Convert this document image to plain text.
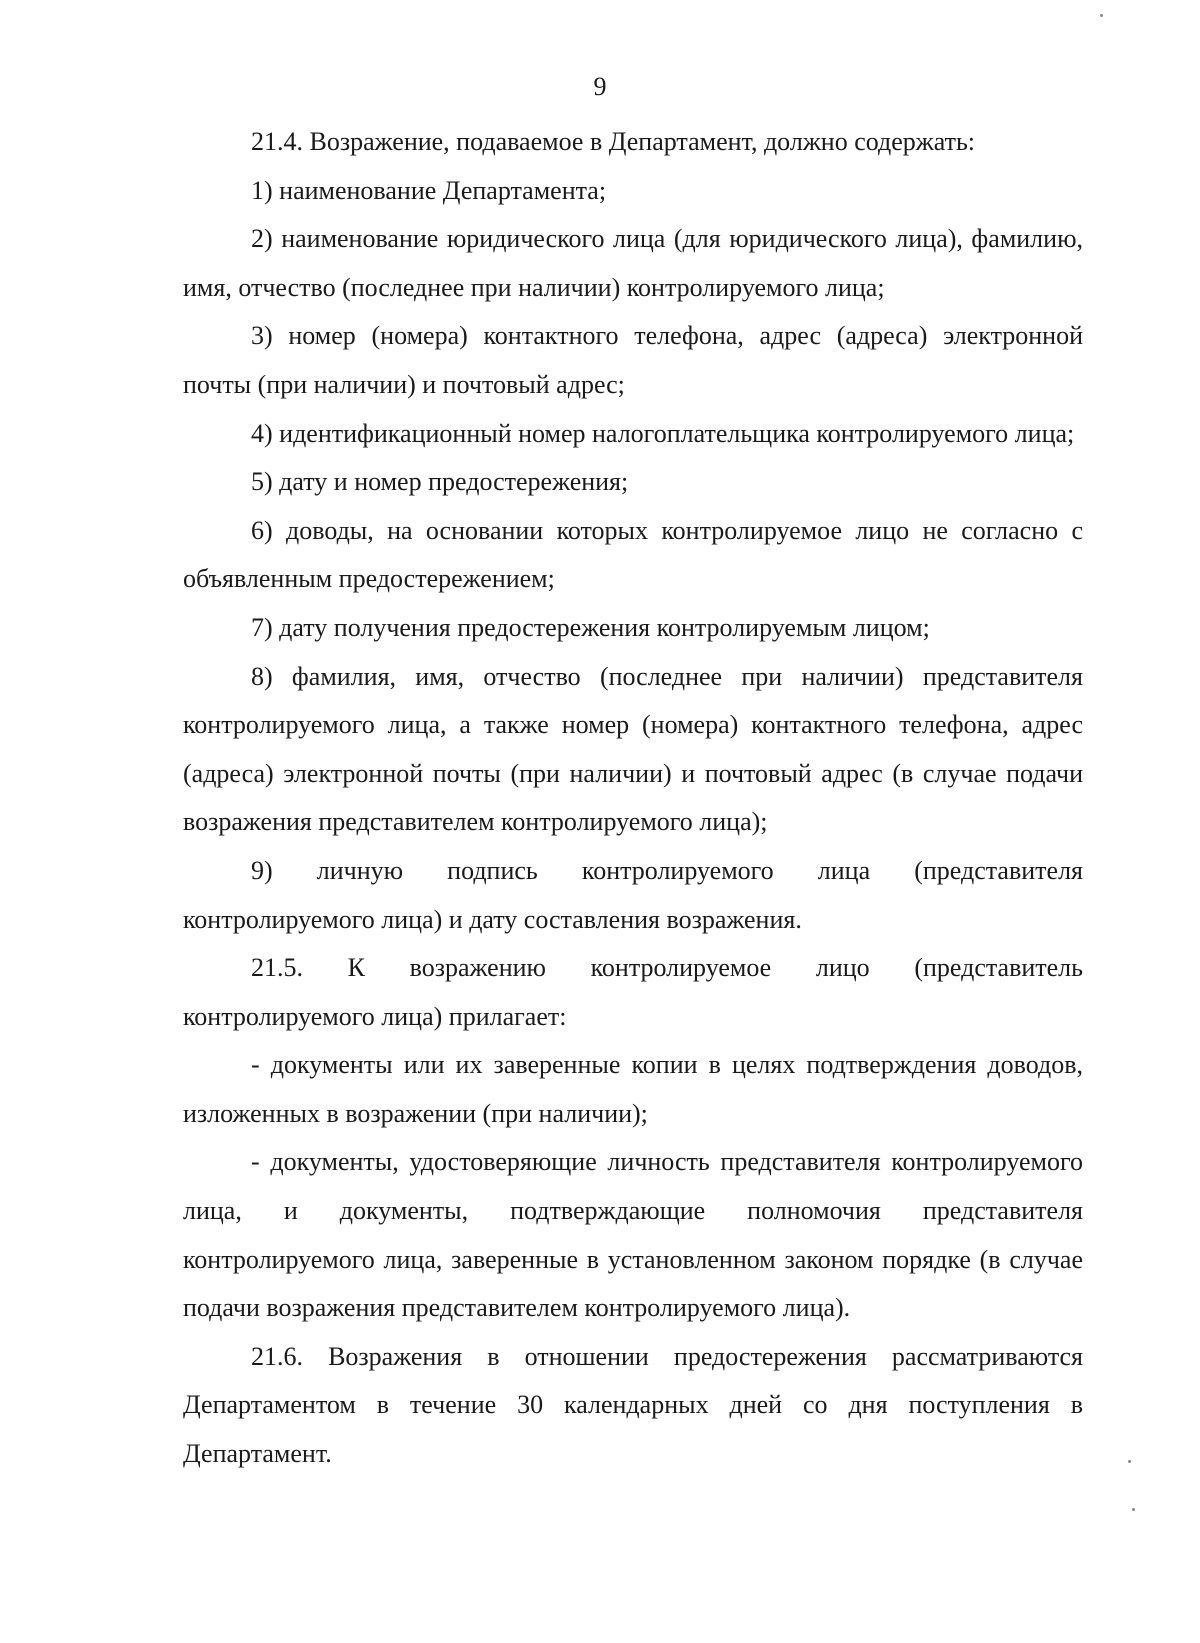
9

21.4. Возражение, подаваемое в Департамент, должно содержать:

1) наименование Департамента;

2) наименование юридического лица (для юридического лица), фамилию, имя, отчество (последнее при наличии) контролируемого лица;

3) номер (номера) контактного телефона, адрес (адреса) электронной почты (при наличии) и почтовый адрес;

4) идентификационный номер налогоплательщика контролируемого лица;

5) дату и номер предостережения;

6) доводы, на основании которых контролируемое лицо не согласно с объявленным предостережением;

7) дату получения предостережения контролируемым лицом;

8) фамилия, имя, отчество (последнее при наличии) представителя контролируемого лица, а также номер (номера) контактного телефона, адрес (адреса) электронной почты (при наличии) и почтовый адрес (в случае подачи возражения представителем контролируемого лица);

9) личную подпись контролируемого лица (представителя контролируемого лица) и дату составления возражения.

21.5. К возражению контролируемое лицо (представитель контролируемого лица) прилагает:

- документы или их заверенные копии в целях подтверждения доводов, изложенных в возражении (при наличии);

- документы, удостоверяющие личность представителя контролируемого лица, и документы, подтверждающие полномочия представителя контролируемого лица, заверенные в установленном законом порядке (в случае подачи возражения представителем контролируемого лица).

21.6. Возражения в отношении предостережения рассматриваются Департаментом в течение 30 календарных дней со дня поступления в Департамент.
